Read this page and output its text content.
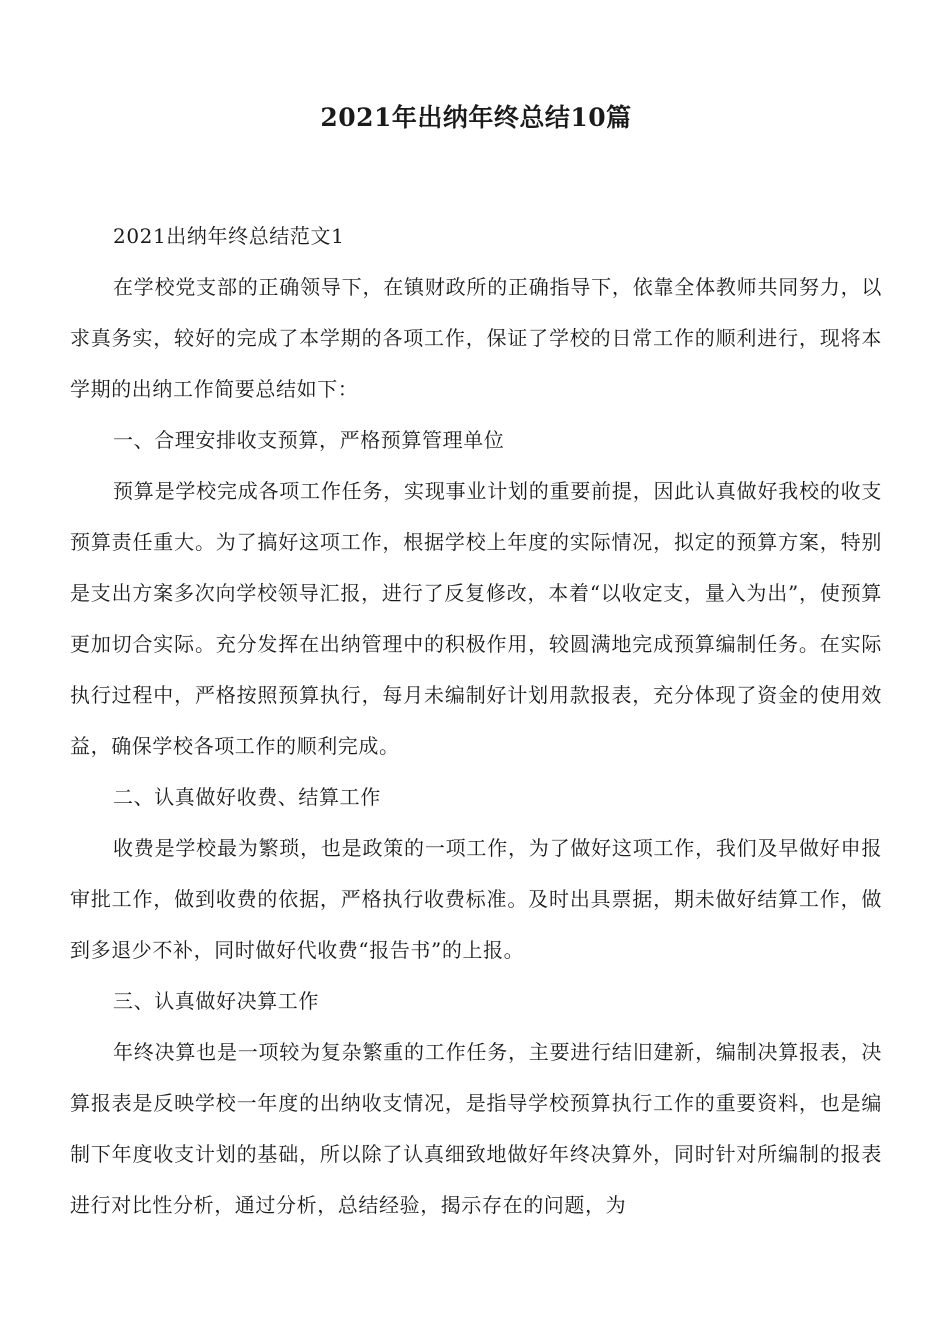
2021年出纳年终总结10篇

2021出纳年终总结范文1

在学校党支部的正确领导下，在镇财政所的正确指导下，依靠全体教师共同努力，以求真务实，较好的完成了本学期的各项工作，保证了学校的日常工作的顺利进行，现将本学期的出纳工作简要总结如下：

一、合理安排收支预算，严格预算管理单位

预算是学校完成各项工作任务，实现事业计划的重要前提，因此认真做好我校的收支预算责任重大。为了搞好这项工作，根据学校上年度的实际情况，拟定的预算方案，特别是支出方案多次向学校领导汇报，进行了反复修改，本着“以收定支，量入为出”，使预算更加切合实际。充分发挥在出纳管理中的积极作用，较圆满地完成预算编制任务。在实际执行过程中，严格按照预算执行，每月未编制好计划用款报表，充分体现了资金的使用效益，确保学校各项工作的顺利完成。

二、认真做好收费、结算工作

收费是学校最为繁琐，也是政策的一项工作，为了做好这项工作，我们及早做好申报审批工作，做到收费的依据，严格执行收费标准。及时出具票据，期未做好结算工作，做到多退少不补，同时做好代收费“报告书”的上报。

三、认真做好决算工作

年终决算也是一项较为复杂繁重的工作任务，主要进行结旧建新，编制决算报表，决算报表是反映学校一年度的出纳收支情况，是指导学校预算执行工作的重要资料，也是编制下年度收支计划的基础，所以除了认真细致地做好年终决算外，同时针对所编制的报表进行对比性分析，通过分析，总结经验，揭示存在的问题，为
